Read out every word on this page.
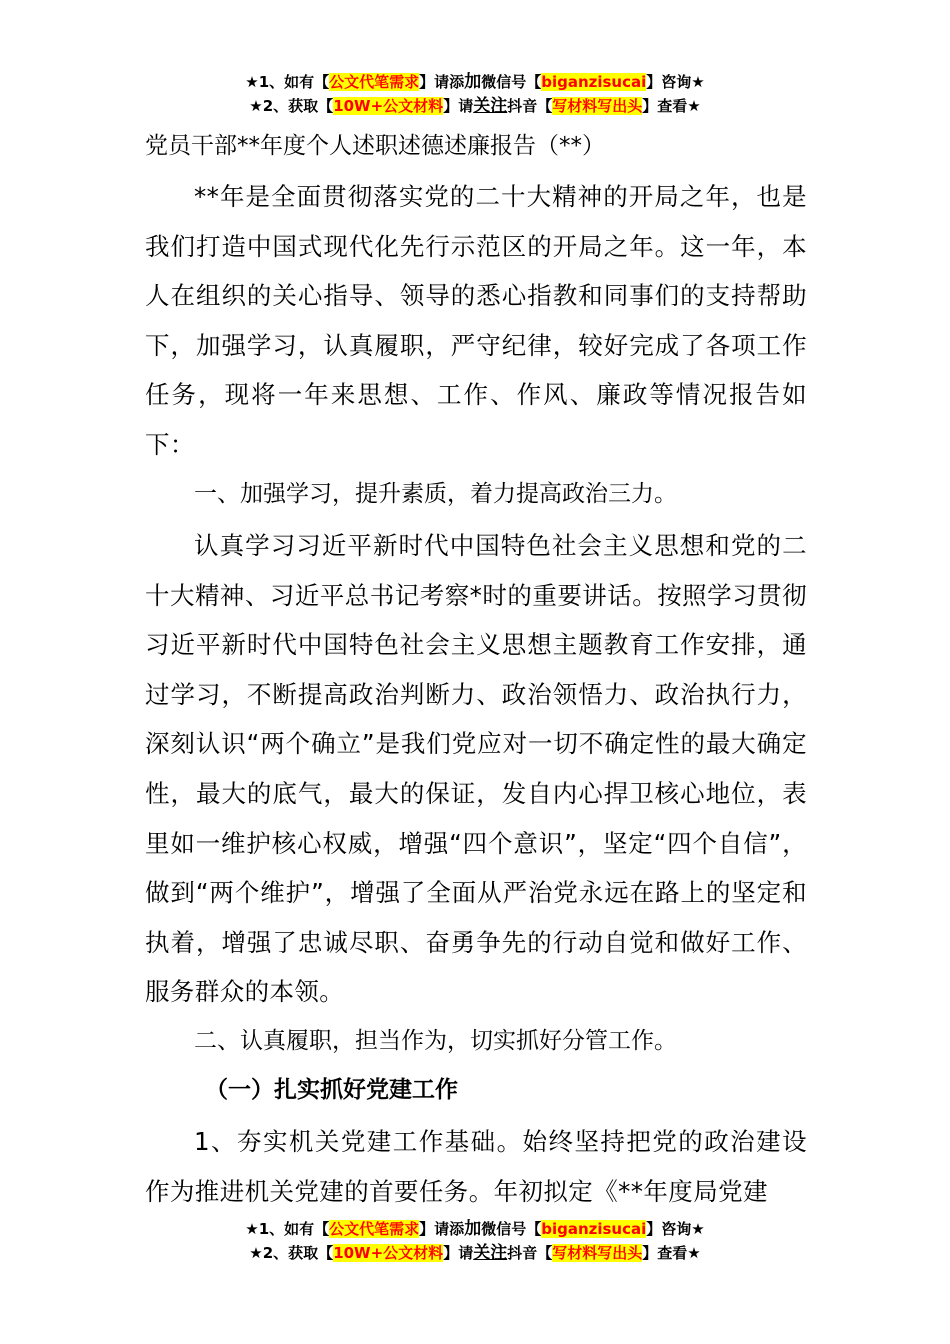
★1、如有【公文代笔需求】请添加微信号【biganzisucai】咨询★
★2、获取【10W+公文材料】请关注抖音【写材料写出头】查看★
党员干部**年度个人述职述德述廉报告（**）
**年是全面贯彻落实党的二十大精神的开局之年，也是我们打造中国式现代化先行示范区的开局之年。这一年，本人在组织的关心指导、领导的悉心指教和同事们的支持帮助下，加强学习，认真履职，严守纪律，较好完成了各项工作任务，现将一年来思想、工作、作风、廉政等情况报告如下：
一、加强学习，提升素质，着力提高政治三力。
认真学习习近平新时代中国特色社会主义思想和党的二十大精神、习近平总书记考察*时的重要讲话。按照学习贯彻习近平新时代中国特色社会主义思想主题教育工作安排，通过学习，不断提高政治判断力、政治领悟力、政治执行力，深刻认识“两个确立”是我们党应对一切不确定性的最大确定性，最大的底气，最大的保证，发自内心捍卫核心地位，表里如一维护核心权威，增强“四个意识”，坚定“四个自信”，做到“两个维护”，增强了全面从严治党永远在路上的坚定和执着，增强了忠诚尽职、奋勇争先的行动自觉和做好工作、服务群众的本领。
二、认真履职，担当作为，切实抓好分管工作。
（一）扎实抓好党建工作
1、夯实机关党建工作基础。始终坚持把党的政治建设作为推进机关党建的首要任务。年初拟定《**年度局党建
★1、如有【公文代笔需求】请添加微信号【biganzisucai】咨询★
★2、获取【10W+公文材料】请关注抖音【写材料写出头】查看★
